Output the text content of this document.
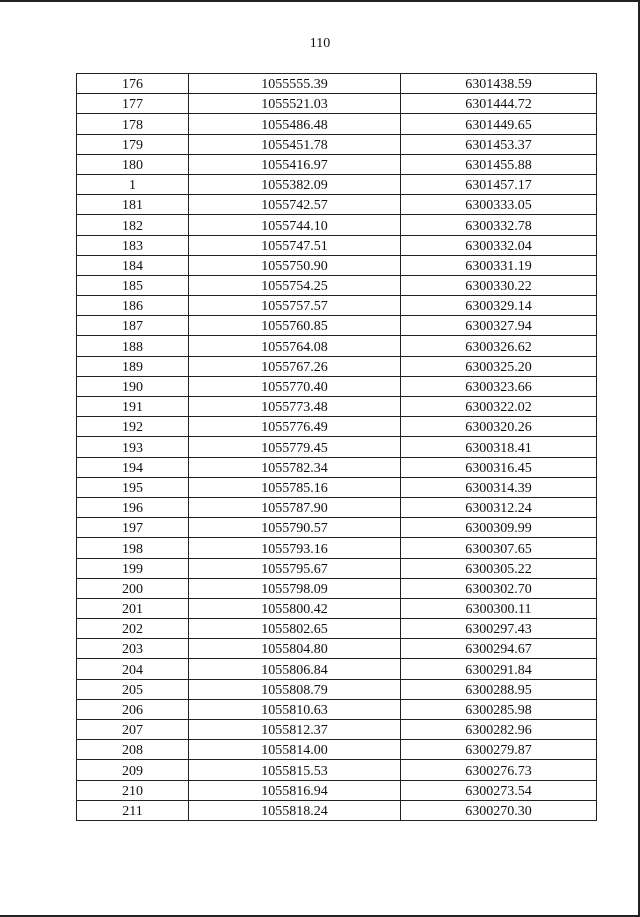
110
176	1055555.39	6301438.59
177	1055521.03	6301444.72
178	1055486.48	6301449.65
179	1055451.78	6301453.37
180	1055416.97	6301455.88
1	1055382.09	6301457.17
181	1055742.57	6300333.05
182	1055744.10	6300332.78
183	1055747.51	6300332.04
184	1055750.90	6300331.19
185	1055754.25	6300330.22
186	1055757.57	6300329.14
187	1055760.85	6300327.94
188	1055764.08	6300326.62
189	1055767.26	6300325.20
190	1055770.40	6300323.66
191	1055773.48	6300322.02
192	1055776.49	6300320.26
193	1055779.45	6300318.41
194	1055782.34	6300316.45
195	1055785.16	6300314.39
196	1055787.90	6300312.24
197	1055790.57	6300309.99
198	1055793.16	6300307.65
199	1055795.67	6300305.22
200	1055798.09	6300302.70
201	1055800.42	6300300.11
202	1055802.65	6300297.43
203	1055804.80	6300294.67
204	1055806.84	6300291.84
205	1055808.79	6300288.95
206	1055810.63	6300285.98
207	1055812.37	6300282.96
208	1055814.00	6300279.87
209	1055815.53	6300276.73
210	1055816.94	6300273.54
211	1055818.24	6300270.30
